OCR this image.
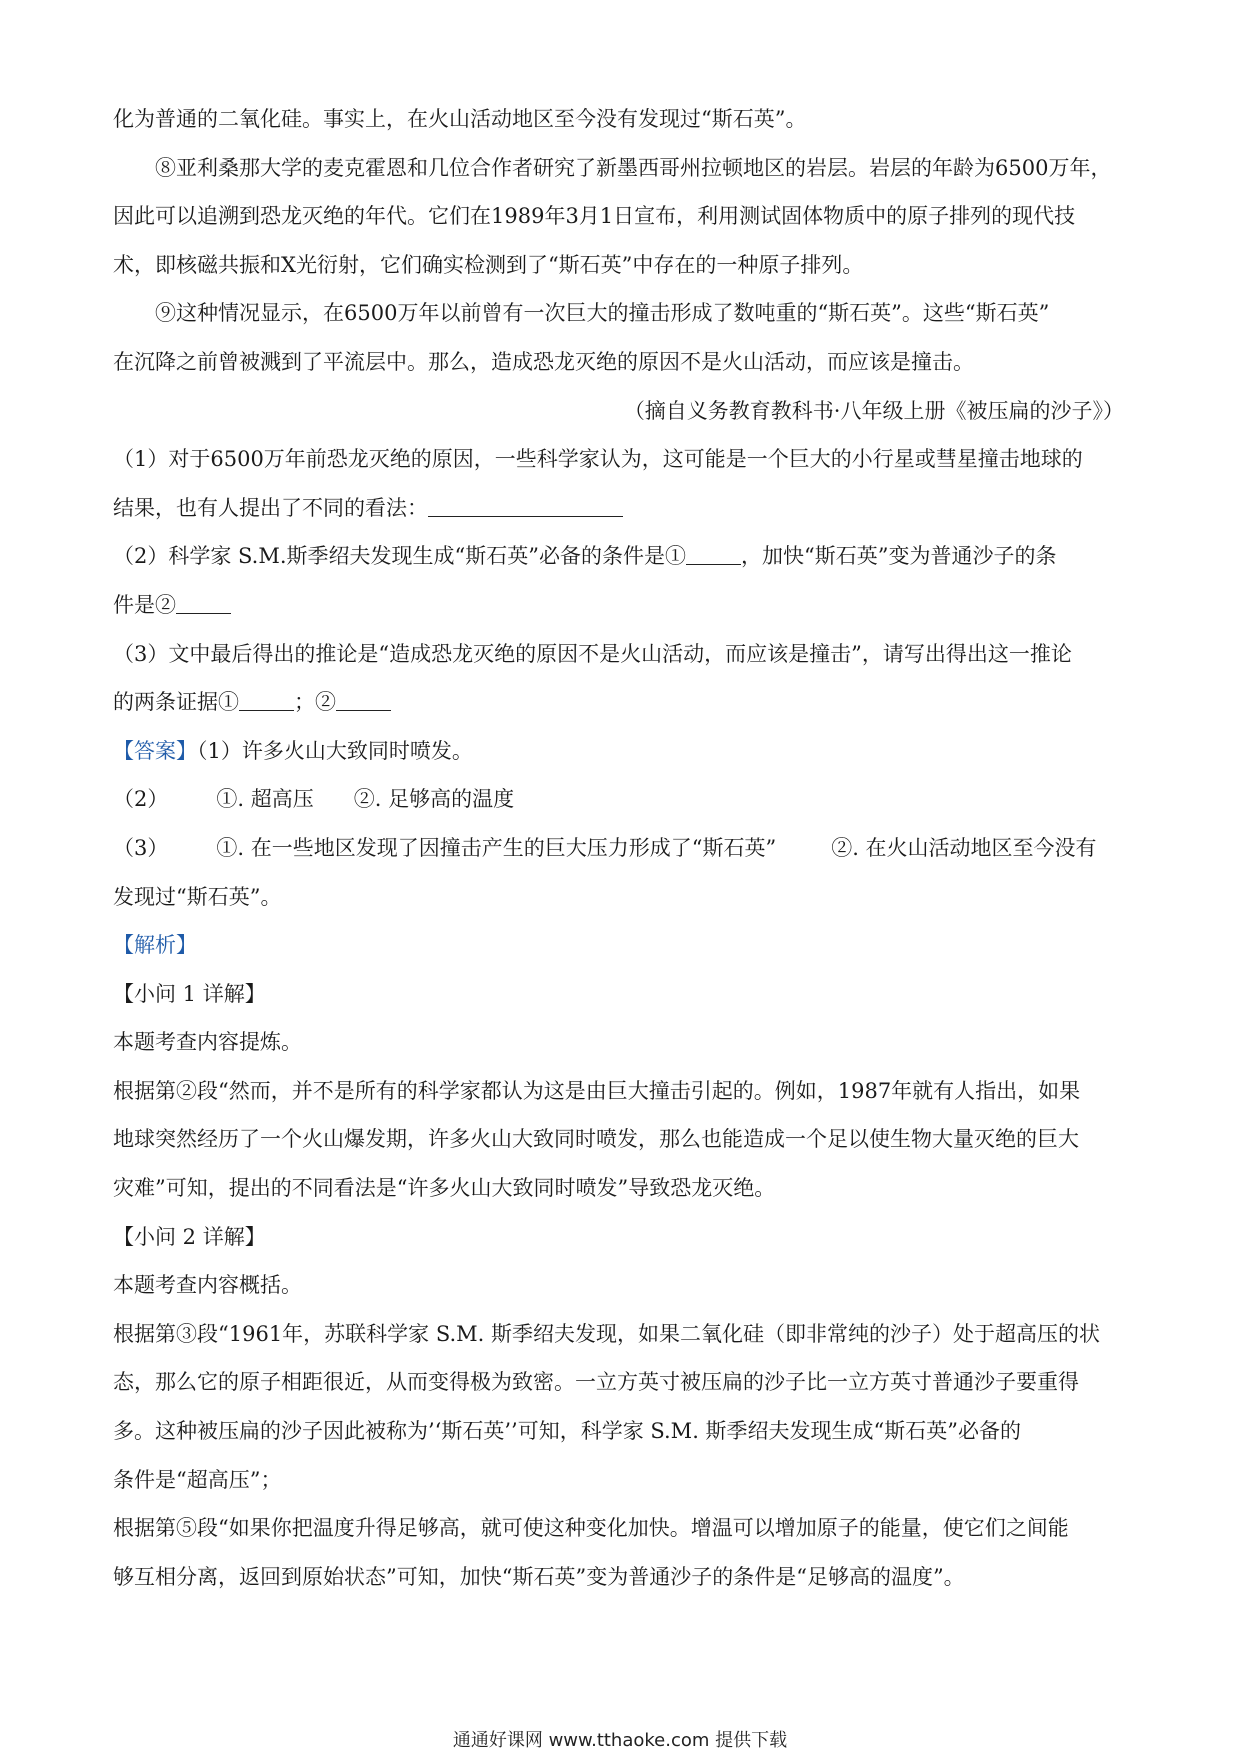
化为普通的二氧化硅。事实上，在火山活动地区至今没有发现过“斯石英”。
⑧亚利桑那大学的麦克霍恩和几位合作者研究了新墨西哥州拉顿地区的岩层。岩层的年龄为6500万年，
因此可以追溯到恐龙灭绝的年代。它们在1989年3月1日宣布，利用测试固体物质中的原子排列的现代技
术，即核磁共振和X光衍射，它们确实检测到了“斯石英”中存在的一种原子排列。
⑨这种情况显示，在6500万年以前曾有一次巨大的撞击形成了数吨重的“斯石英”。这些“斯石英”
在沉降之前曾被溅到了平流层中。那么，造成恐龙灭绝的原因不是火山活动，而应该是撞击。
（摘自义务教育教科书·八年级上册《被压扁的沙子》）
（1）对于6500万年前恐龙灭绝的原因，一些科学家认为，这可能是一个巨大的小行星或彗星撞击地球的
结果，也有人提出了不同的看法：
（2）科学家 S.M.斯季绍夫发现生成“斯石英”必备的条件是①	，加快“斯石英”变为普通沙子的条
件是②
（3）文中最后得出的推论是“造成恐龙灭绝的原因不是火山活动，而应该是撞击”，请写出得出这一推论
的两条证据①	；②
【答案】（1）许多火山大致同时喷发。
（2） ①. 超高压 ②. 足够高的温度
（3） ①. 在一些地区发现了因撞击产生的巨大压力形成了“斯石英”	②. 在火山活动地区至今没有
发现过“斯石英”。
【解析】
【小问 1 详解】
本题考查内容提炼。
根据第②段“然而，并不是所有的科学家都认为这是由巨大撞击引起的。例如，1987年就有人指出，如果
地球突然经历了一个火山爆发期，许多火山大致同时喷发，那么也能造成一个足以使生物大量灭绝的巨大
灾难”可知，提出的不同看法是“许多火山大致同时喷发”导致恐龙灭绝。
【小问 2 详解】
本题考查内容概括。
根据第③段“1961年，苏联科学家 S.M. 斯季绍夫发现，如果二氧化硅（即非常纯的沙子）处于超高压的状
态，那么它的原子相距很近，从而变得极为致密。一立方英寸被压扁的沙子比一立方英寸普通沙子要重得
多。这种被压扁的沙子因此被称为’‘斯石英’’可知，科学家 S.M. 斯季绍夫发现生成“斯石英”必备的
条件是“超高压”；
根据第⑤段“如果你把温度升得足够高，就可使这种变化加快。增温可以增加原子的能量，使它们之间能
够互相分离，返回到原始状态”可知，加快“斯石英”变为普通沙子的条件是“足够高的温度”。
通通好课网 www.tthaoke.com 提供下载
